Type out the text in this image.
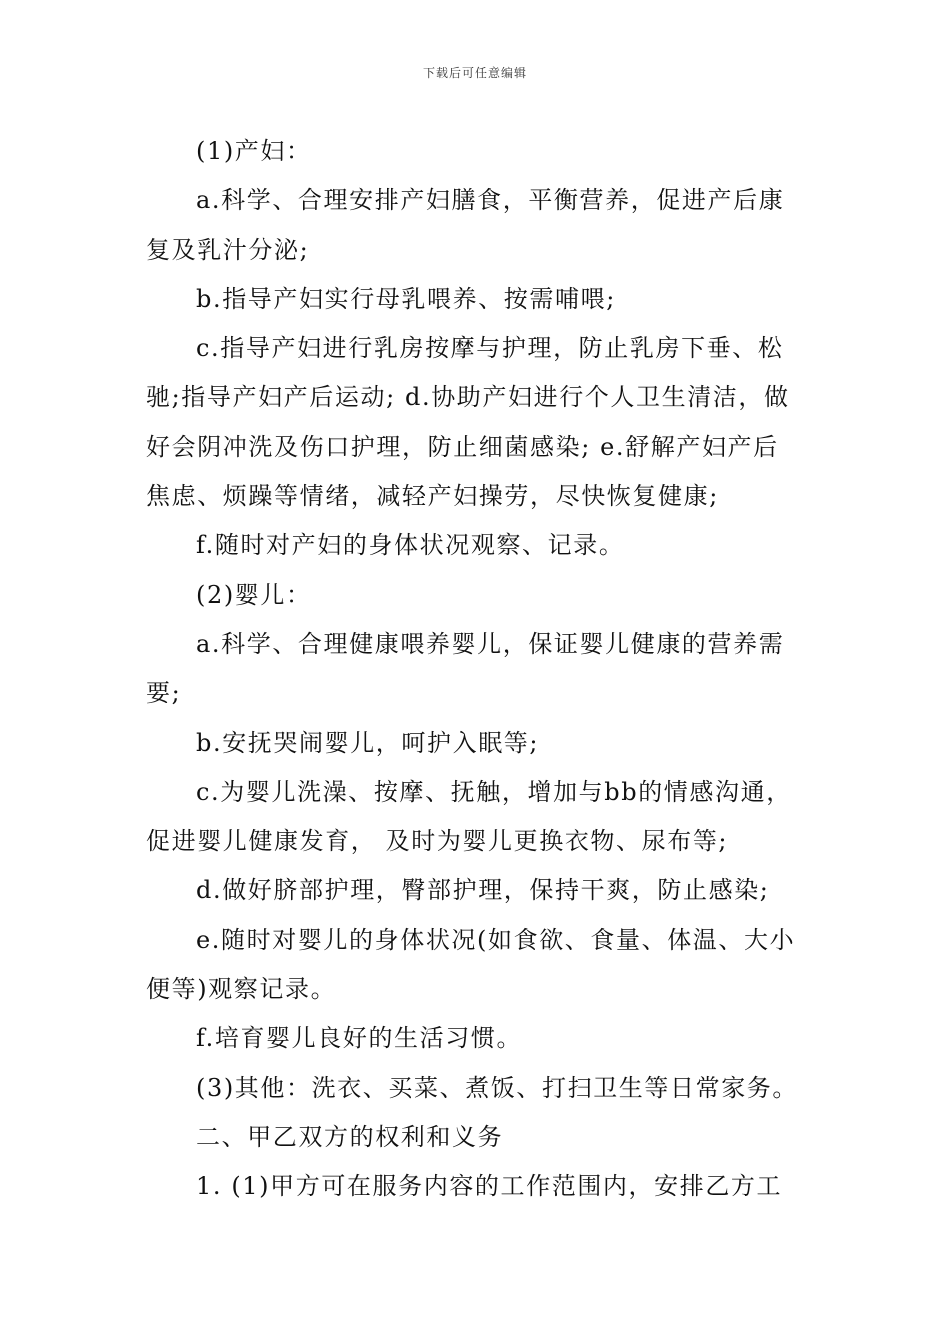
下载后可任意编辑

(1)产妇：

a.科学、合理安排产妇膳食，平衡营养，促进产后康

复及乳汁分泌;

b.指导产妇实行母乳喂养、按需哺喂;

c.指导产妇进行乳房按摩与护理，防止乳房下垂、松

驰;指导产妇产后运动; d.协助产妇进行个人卫生清洁，做

好会阴冲洗及伤口护理，防止细菌感染; e.舒解产妇产后

焦虑、烦躁等情绪，减轻产妇操劳，尽快恢复健康;

f.随时对产妇的身体状况观察、记录。

(2)婴儿：

a.科学、合理健康喂养婴儿，保证婴儿健康的营养需

要;

b.安抚哭闹婴儿，呵护入眠等;

c.为婴儿洗澡、按摩、抚触，增加与bb的情感沟通，

促进婴儿健康发育， 及时为婴儿更换衣物、尿布等;

d.做好脐部护理，臀部护理，保持干爽，防止感染;

e.随时对婴儿的身体状况(如食欲、食量、体温、大小

便等)观察记录。

f.培育婴儿良好的生活习惯。

(3)其他：洗衣、买菜、煮饭、打扫卫生等日常家务。

二、甲乙双方的权利和义务

1. (1)甲方可在服务内容的工作范围内，安排乙方工
